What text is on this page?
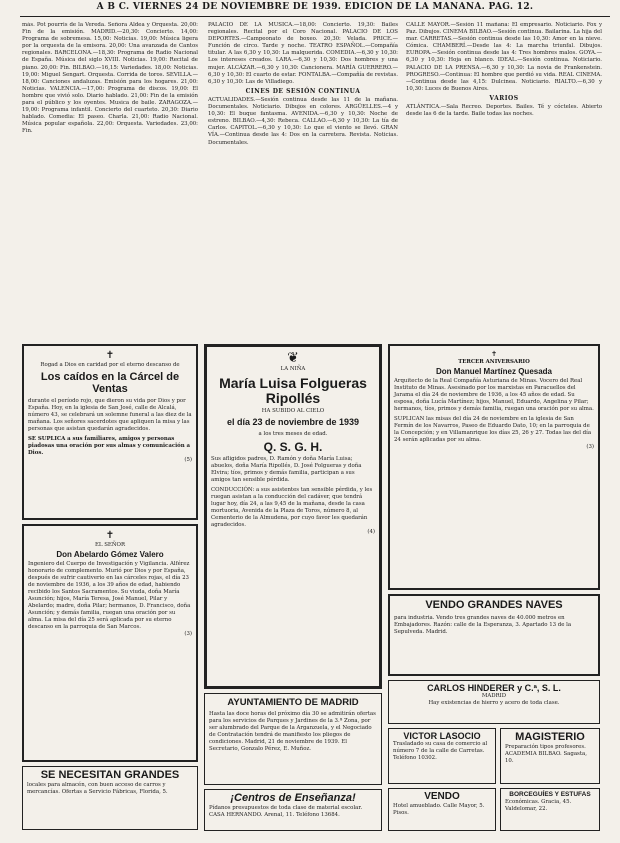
A B C. VIERNES 24 DE NOVIEMBRE DE 1939. EDICION DE LA MAÑANA. PAG. 12.

más. Pot pourris de la Vereda. Señora Aldea y Orquesta. 20,00: Fin de la emisión. MADRID.—20,30: Concierto. 14,00: Programa de sobremesa. 15,00: Noticias. 19,00: Música ligera por la orquesta de la emisora. 20,00: Una avanzada de Cantos regionales. BARCELONA.—18,30: Programa de Radio Nacional de España. Música del siglo XVIII. Noticias. 19,00: Recital de piano. 20,00: Fin. BILBAO.—16,15: Variedades. 18,00: Noticias. 19,00: Miguel Sengart. Orquesta. Corrida de toros. SEVILLA.—18,00: Canciones andaluzas. Emisión para los hogares. 21,00: Noticias. VALENCIA.—17,00: Programa de discos. 19,00: El hombre que vivió solo. Diario hablado. 21,00: Fin de la emisión para el público y los oyentes. Musica de baile. ZARAGOZA.—19,00: Programa infantil. Concierto del cuarteto. 20,30: Diario hablado. Comedia: El paseo. Charla. 21,00: Radio Nacional. Música popular española. 22,00: Orquesta. Variedades. 23,00: Fin.

PALACIO DE LA MÚSICA.—18,00: Concierto. 19,30: Bailes regionales. Recital por el Coro Nacional. PALACIO DE LOS DEPORTES.—Campeonato de boxeo. 20,30: Velada. PRICE.—Función de circo. Tarde y noche. TEATRO ESPAÑOL.—Compañía titular. A las 6,30 y 10,30: La malquerida. COMEDIA.—6,30 y 10,30: Los intereses creados. LARA.—6,30 y 10,30: Dos hombres y una mujer. ALCÁZAR.—6,30 y 10,30: Cancionera. MARÍA GUERRERO.—6,30 y 10,30: El cuarto de estar. FONTALBA.—Compañía de revistas. 6,30 y 10,30: Las de Villadiego.

CINES DE SESIÓN CONTINUA

ACTUALIDADES.—Sesión continua desde las 11 de la mañana. Documentales. Noticiario. Dibujos en colores. ARGÜELLES.—4 y 10,30: El buque fantasma. AVENIDA.—6,30 y 10,30: Noche de estreno. BILBAO.—4,30: Rebeca. CALLAO.—6,30 y 10,30: La tía de Carlos. CAPITOL.—6,30 y 10,30: Lo que el viento se llevó. GRAN VÍA.—Continua desde las 4: Dos en la carretera. Revista. Noticias. Documentales.

CALLE MAYOR.—Sesión 11 mañana: El empresario. Noticiario. Fox y Paz. Dibujos. CINEMA BILBAO.—Sesión continua. Bailarina. La hija del mar. CARRETAS.—Sesión continua desde las 10,30: Amor en la nieve. Cómica. CHAMBERÍ.—Desde las 4: La marcha triunfal. Dibujos. EUROPA.—Sesión continua desde las 4: Tres hombres malos. GOYA.—6,30 y 10,30: Hoja en blanco. IDEAL.—Sesión continua. Noticiario. PALACIO DE LA PRENSA.—6,30 y 10,30: La novia de Frankenstein. PROGRESO.—Continua: El hombre que perdió su vida. REAL CINEMA.—Continua desde las 4,15: Dulcinea. Noticiario. RIALTO.—6,30 y 10,30: Luces de Buenos Aires.

VARIOS

ATLÁNTICA.—Sala Recreo. Deportes. Bailes. Té y cócteles. Abierto desde las 6 de la tarde. Baile todas las noches.

✝
Rogad a Dios en caridad por el eterno descanso de
Los caídos en la Cárcel de Ventas
durante el período rojo, que dieron su vida por Dios y por España. Hoy, en la iglesia de San José, calle de Alcalá, número 43, se celebrará un solemne funeral a las diez de la mañana. Los señores sacerdotes que apliquen la misa y las personas que asistan quedarán agradecidos.
SE SUPLICA a sus familiares, amigos y personas piadosas una oración por sus almas y comunicación a Dios.
(5)
✝
EL SEÑOR
Don Abelardo Gómez Valero
Ingeniero del Cuerpo de Investigación y Vigilancia. Alférez honorario de complemento. Murió por Dios y por España, después de sufrir cautiverio en las cárceles rojas, el día 23 de noviembre de 1936, a los 39 años de edad, habiendo recibido los Santos Sacramentos. Su viuda, doña María Asunción; hijos, María Teresa, José Manuel, Pilar y Abelardo; madre, doña Pilar; hermanos, D. Francisco, doña Asunción; y demás familia, ruegan una oración por su alma. La misa del día 25 será aplicada por su eterno descanso en la parroquia de San Marcos.
(3)
❦
LA NIÑA
María Luisa Folgueras Ripollés
HA SUBIDO AL CIELO
el día 23 de noviembre de 1939
a los tres meses de edad.
Q. S. G. H.
Sus afligidos padres, D. Ramón y doña María Luisa; abuelos, doña María Ripollés, D. José Folgueras y doña Elvira; tíos, primos y demás familia, participan a sus amigos tan sensible pérdida.
CONDUCCIÓN: a sus asistentes tan sensible pérdida, y les ruegan asistan a la conducción del cadáver, que tendrá lugar hoy, día 24, a las 9,45 de la mañana, desde la casa mortuoria, Avenida de la Plaza de Toros, número 8, al Cementerio de la Almudena, por cuyo favor les quedarán agradecidos.
(4)
✝
TERCER ANIVERSARIO
Don Manuel Martínez Quesada
Arquitecto de la Real Compañía Asturiana de Minas. Vocero del Real Instituto de Minas. Asesinado por los marxistas en Paracuellos del Jarama el día 24 de noviembre de 1936, a los 45 años de edad. Su esposa, doña Lucía Martínez; hijos, Manuel, Eduardo, Angelina y Pilar; hermanos, tíos, primos y demás familia, ruegan una oración por su alma.
SUPLICAN las misas del día 24 de noviembre en la iglesia de San Fermín de los Navarros, Paseo de Eduardo Dato, 10; en la parroquia de la Concepción; y en Villamanrique los días 25, 26 y 27. Todas las del día 24 serán aplicadas por su alma.
(3)
VENDO GRANDES NAVES
para industria. Vendo tres grandes naves de 40.000 metros en Embajadores. Razón: calle de la Esperanza, 3. Apartado 13 de la Sepulveda. Madrid.
CARLOS HINDERER y C.ª, S. L.
MADRID
Hay existencias de hierro y acero de toda clase.
AYUNTAMIENTO DE MADRID
Hasta las doce horas del próximo día 30 se admitirán ofertas para los servicios de Parques y Jardines de la 3.ª Zona, por ser alumbrado del Parque de la Arganzuela, y el Negociado de Contratación tendrá de manifiesto los pliegos de condiciones. Madrid, 21 de noviembre de 1939. El Secretario, Gonzalo Pérez, E. Muñoz.
VICTOR LASOCIO
Trasladado su casa de comercio al número 7 de la calle de Carretas. Teléfono 10302.
MAGISTERIO
Preparación tipos profesores. ACADEMIA BILBAO. Sagasta, 10.
SE NECESITAN GRANDES
locales para almacén, con buen acceso de carros y mercancías. Ofertas a Servicio Fábricas, Florida, 5.
¡Centros de Enseñanza!
Pídanos presupuestos de toda clase de material escolar. CASA HERNANDO. Arenal, 11. Teléfono 13684.
VENDO
Hotel amueblado. Calle Mayor, 5. Pisos.
BORCEGUÍES Y ESTUFAS
Económicas. Gracia, 45. Valdelomar, 22.
